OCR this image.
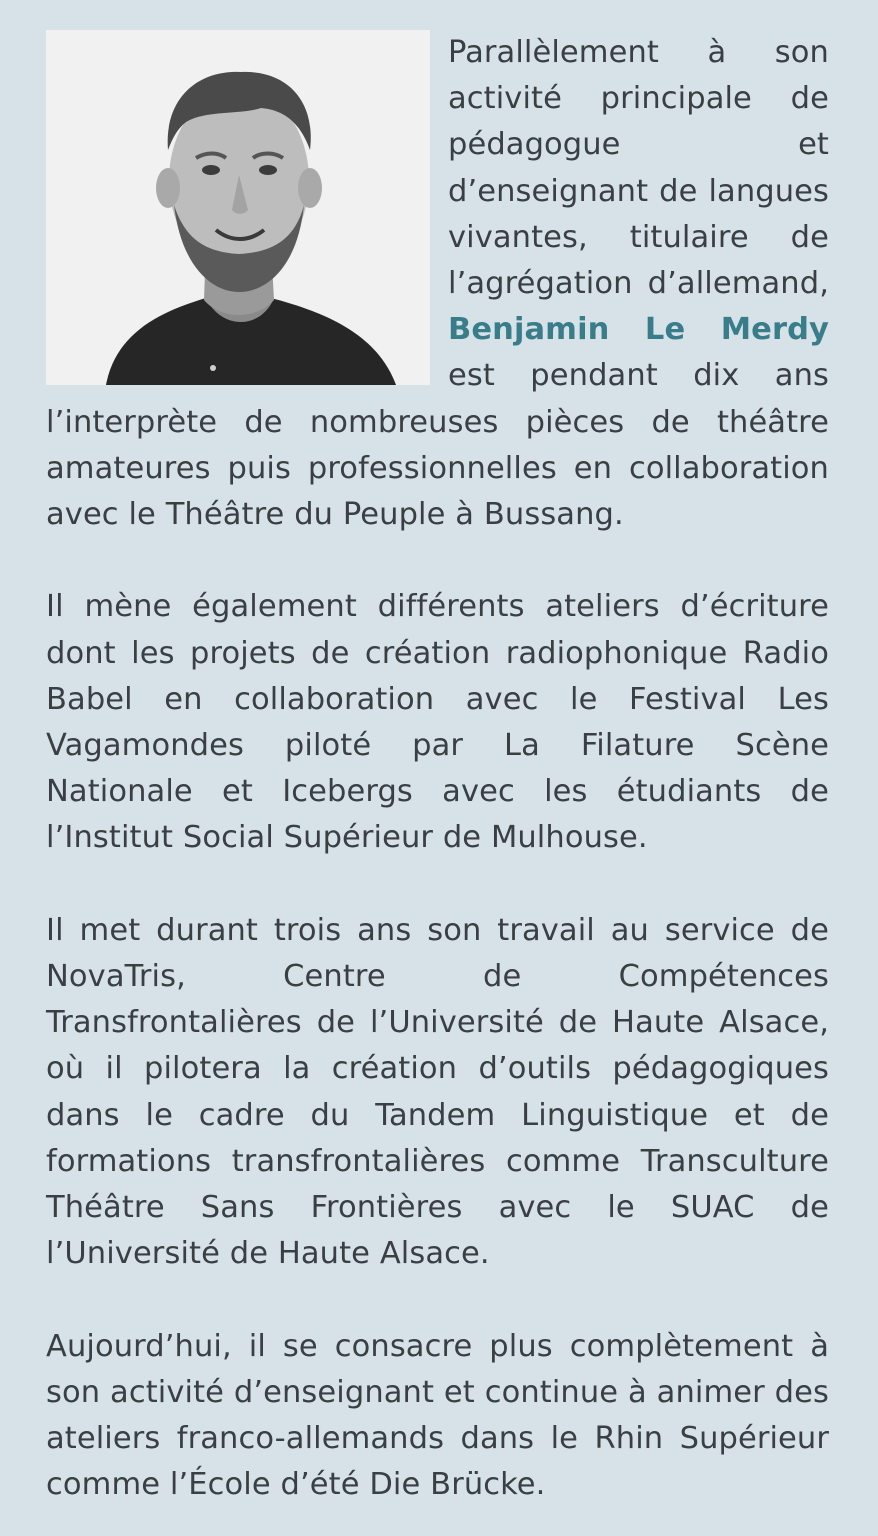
Parallèlement à son activité principale de pédagogue et d’enseignant de langues vivantes, titulaire de l’agrégation d’allemand, Benjamin Le Merdy est pendant dix ans l’interprète de nombreuses pièces de théâtre amateures puis professionnelles en collaboration avec le Théâtre du Peuple à Bussang.

Il mène également différents ateliers d’écriture dont les projets de création radiophonique Radio Babel en collaboration avec le Festival Les Vagamondes piloté par La Filature Scène Nationale et Icebergs avec les étudiants de l’Institut Social Supérieur de Mulhouse.

Il met durant trois ans son travail au service de NovaTris, Centre de Compétences Transfrontalières de l’Université de Haute Alsace, où il pilotera la création d’outils pédagogiques dans le cadre du Tandem Linguistique et de formations transfrontalières comme Transculture Théâtre Sans Frontières avec le SUAC de l’Université de Haute Alsace.

Aujourd’hui, il se consacre plus complètement à son activité d’enseignant et continue à animer des ateliers franco-allemands dans le Rhin Supérieur comme l’École d’été Die Brücke.
